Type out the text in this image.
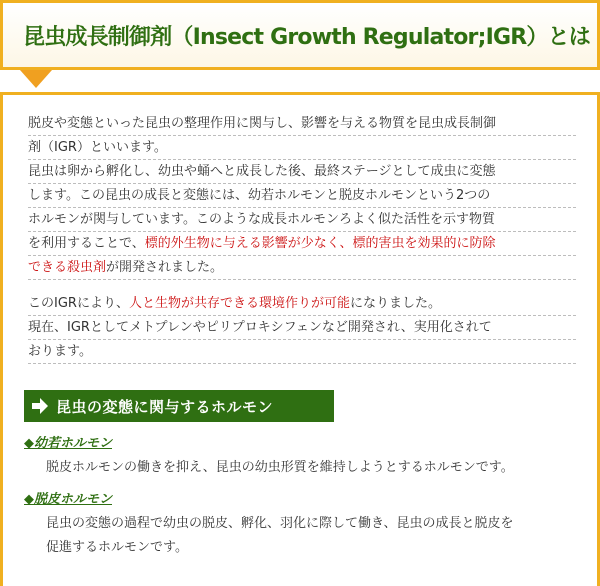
昆虫成長制御剤（Insect Growth Regulator;IGR）とは
脱皮や変態といった昆虫の整理作用に関与し、影響を与える物質を昆虫成長制御
剤（IGR）といいます。
昆虫は卵から孵化し、幼虫や蛹へと成長した後、最終ステージとして成虫に変態
します。この昆虫の成長と変態には、幼若ホルモンと脱皮ホルモンという2つの
ホルモンが関与しています。このような成長ホルモンろよく似た活性を示す物質
を利用することで、標的外生物に与える影響が少なく、標的害虫を効果的に防除
できる殺虫剤が開発されました。
このIGRにより、人と生物が共存できる環境作りが可能になりました。
現在、IGRとしてメトプレンやピリプロキシフェンなど開発され、実用化されて
おります。
昆虫の変態に関与するホルモン
◆幼若ホルモン
脱皮ホルモンの働きを抑え、昆虫の幼虫形質を維持しようとするホルモンです。
◆脱皮ホルモン
昆虫の変態の過程で幼虫の脱皮、孵化、羽化に際して働き、昆虫の成長と脱皮を
促進するホルモンです。
